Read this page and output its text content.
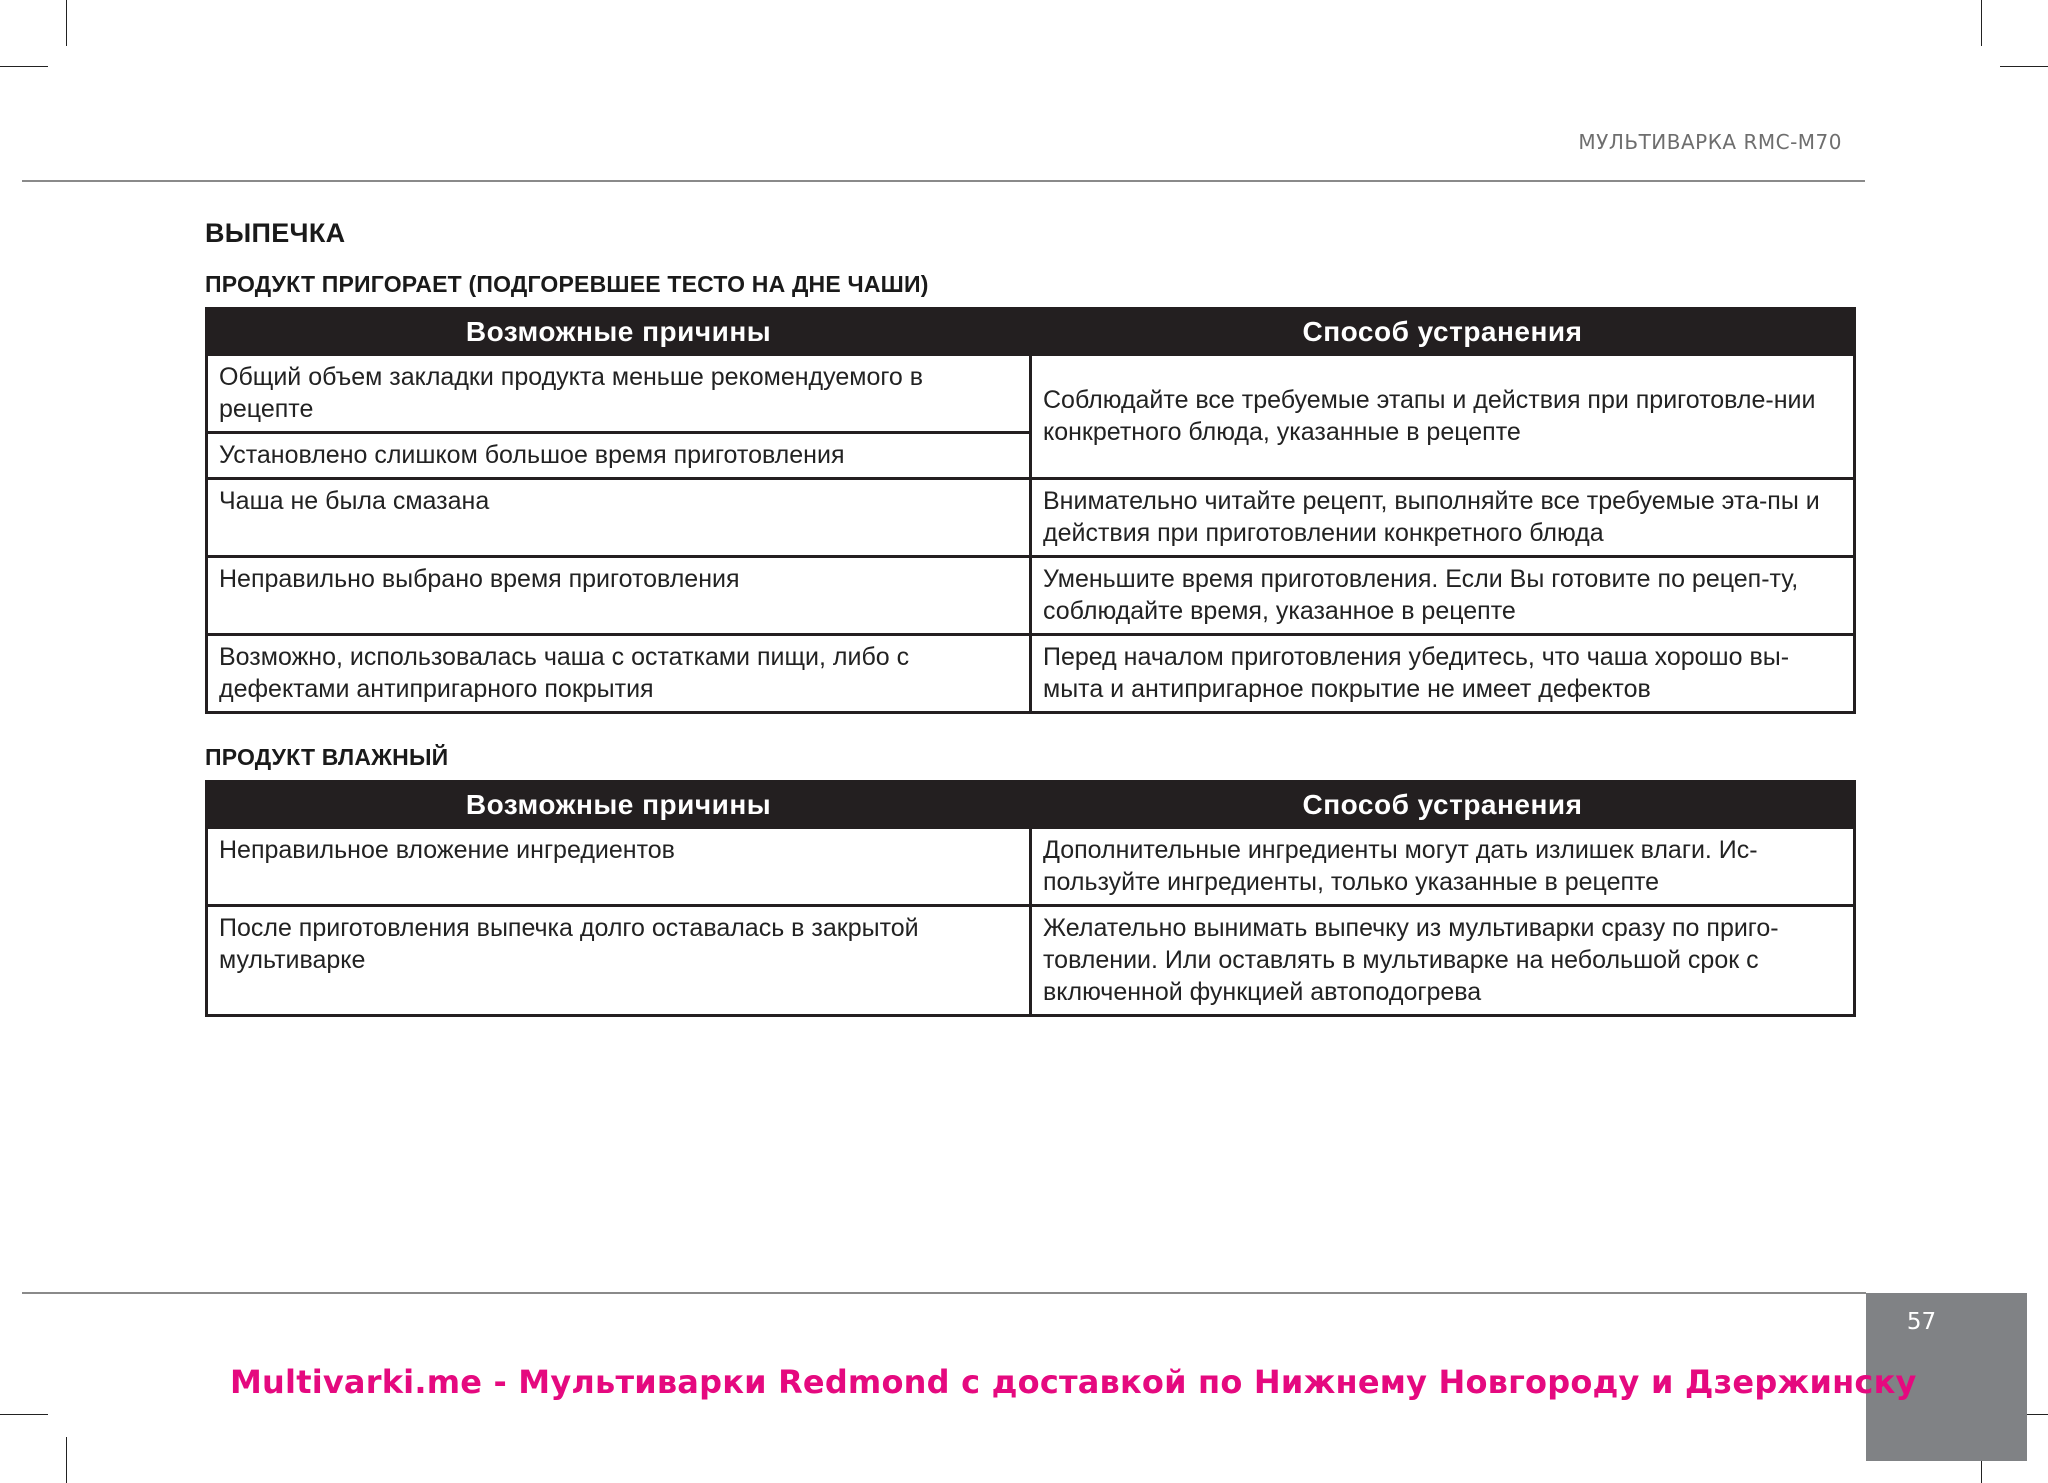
МУЛЬТИВАРКА RMC-M70
ВЫПЕЧКА
ПРОДУКТ ПРИГОРАЕТ (ПОДГОРЕВШЕЕ ТЕСТО НА ДНЕ ЧАШИ)
Возможные причины	Способ устранения
Общий объем закладки продукта меньше рекомендуемого в рецепте	Соблюдайте все требуемые этапы и действия при приготовле-нии конкретного блюда, указанные в рецепте
Установлено слишком большое время приготовления	
Чаша не была смазана	Внимательно читайте рецепт, выполняйте все требуемые эта-пы и действия при приготовлении конкретного блюда
Неправильно выбрано время приготовления	Уменьшите время приготовления. Если Вы готовите по рецеп-ту, соблюдайте время, указанное в рецепте
Возможно, использовалась чаша с остатками пищи, либо с дефектами антипригарного покрытия	Перед началом приготовления убедитесь, что чаша хорошо вы-мыта и антипригарное покрытие не имеет дефектов
ПРОДУКТ ВЛАЖНЫЙ
Возможные причины	Способ устранения
Неправильное вложение ингредиентов	Дополнительные ингредиенты могут дать излишек влаги. Ис-пользуйте ингредиенты, только указанные в рецепте
После приготовления выпечка долго оставалась в закрытой мультиварке	Желательно вынимать выпечку из мультиварки сразу по приго-товлении. Или оставлять в мультиварке на небольшой срок с включенной функцией автоподогрева
57
Multivarki.me - Мультиварки Redmond с доставкой по Нижнему Новгороду и Дзержинску
